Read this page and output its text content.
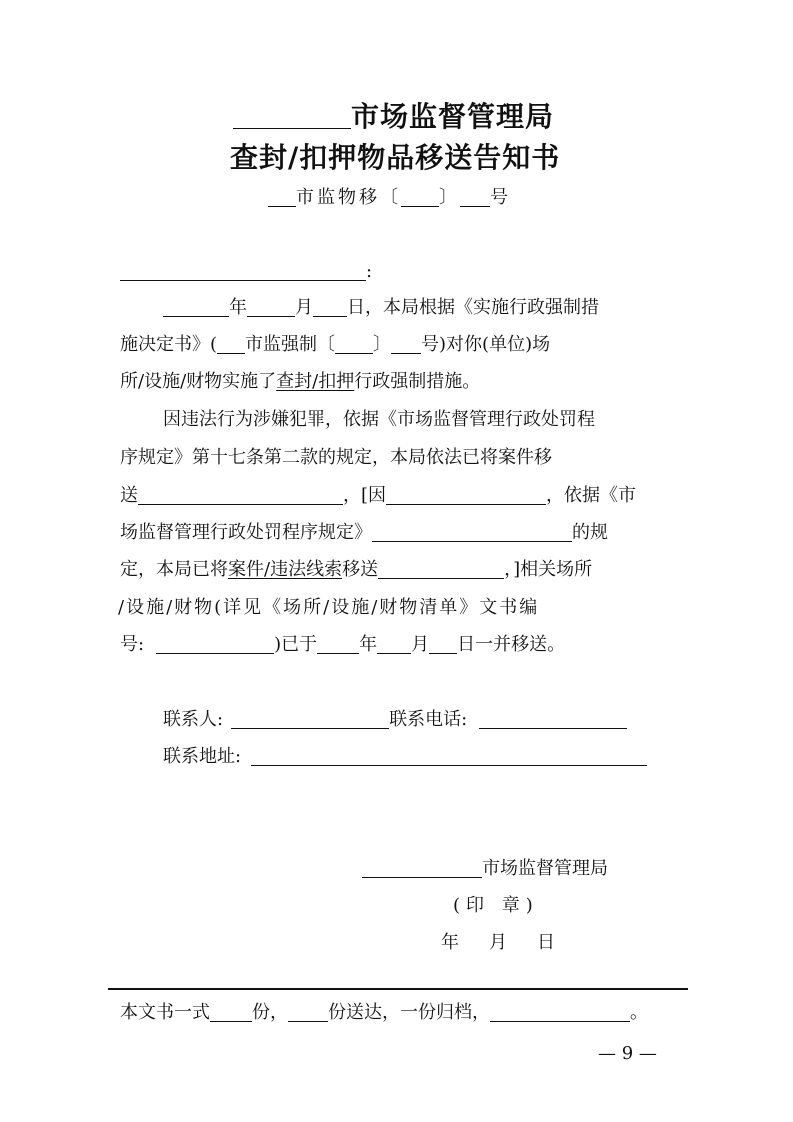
市场监督管理局
查封/扣押物品移送告知书
市监物移〔 〕 号
:
年	月 日，本局根据《实施行政强制措
施决定书》( 市监强制〔 〕 号)对你(单位)场
所/设施/财物实施了查封/扣押行政强制措施。
因违法行为涉嫌犯罪，依据《市场监督管理行政处罚程
序规定》第十七条第二款的规定，本局依法已将案件移
送	，[因	，依据《市
场监督管理行政处罚程序规定》	的规
定，本局已将案件/违法线索移送	，]相关场所
/设施/财物(详见《场所/设施/财物清单》文书编
号:	)已于 年 月 日一并移送。
联系人:	联系电话:
联系地址:
市场监督管理局
(印 章)
年 月 日
本文书一式 份， 份送达，一份归档，	。
— 9 —
